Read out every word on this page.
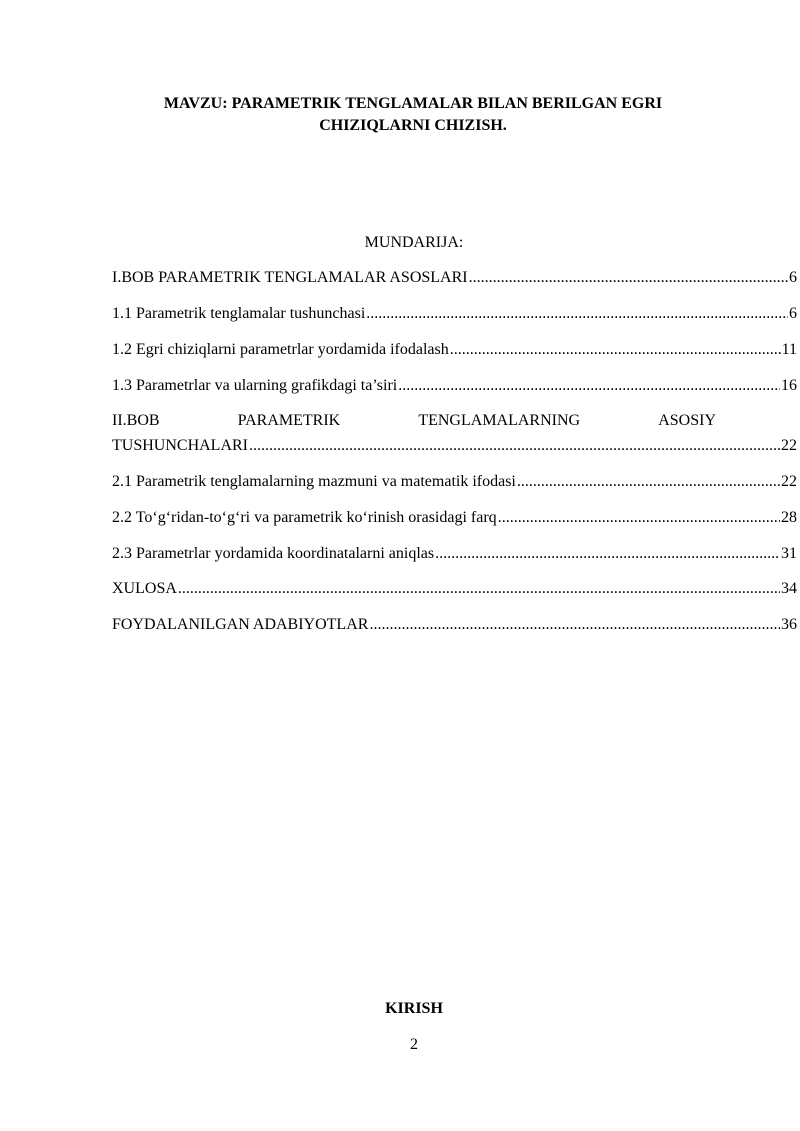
MAVZU: PARAMETRIK TENGLAMALAR BILAN BERILGAN EGRI
CHIZIQLARNI CHIZISH.
MUNDARIJA:
I.BOB PARAMETRIK TENGLAMALAR ASOSLARI .....	6
1.1 Parametrik tenglamalar tushunchasi .....	6
1.2 Egri chiziqlarni parametrlar yordamida ifodalash .....	11
1.3 Parametrlar va ularning grafikdagi ta’siri .....	16
II.BOB	PARAMETRIK	TENGLAMALARNING	ASOSIY
TUSHUNCHALARI .....	22
2.1 Parametrik tenglamalarning mazmuni va matematik ifodasi .....	22
2.2 To‘g‘ridan-to‘g‘ri va parametrik ko‘rinish orasidagi farq .....	28
2.3 Parametrlar yordamida koordinatalarni aniqlas .....	31
XULOSA .....	34
FOYDALANILGAN ADABIYOTLAR .....	36
KIRISH
2
